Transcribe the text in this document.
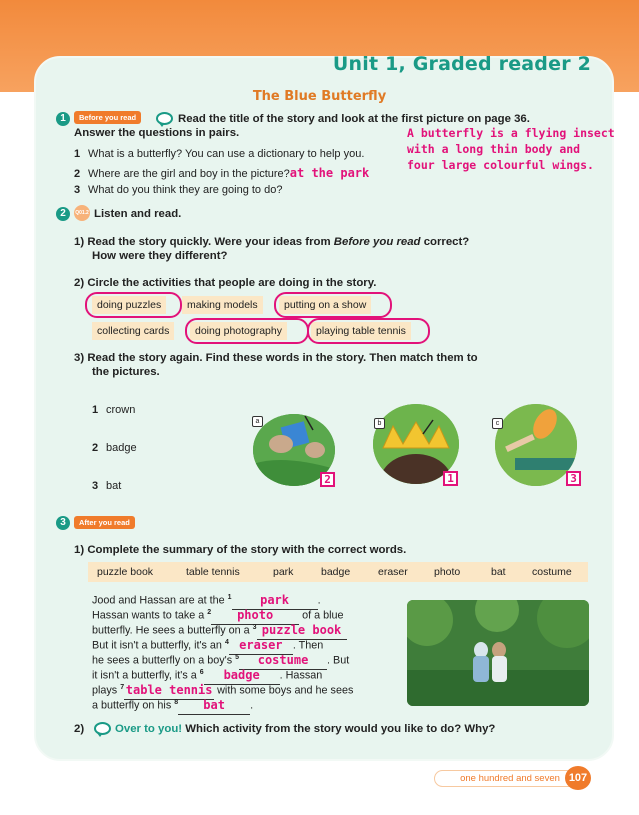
Unit 1, Graded reader 2
The Blue Butterfly
1	Before you read	Read the title of the story and look at the first picture on page 36.
Answer the questions in pairs.	A butterfly is a flying insect
with a long thin body and
four large colourful wings.
1 What is a butterfly? You can use a dictionary to help you.
2 Where are the girl and boy in the picture?at the park
3 What do you think they are going to do?
2	Q01.2 Listen and read.
1) Read the story quickly. Were your ideas from Before you read correct?
How were they different?
2) Circle the activities that people are doing in the story.
doing puzzles	making models	putting on a show
collecting cards	doing photography	playing table tennis
3) Read the story again. Find these words in the story. Then match them to
the pictures.
1 crown
2 badge
3 bat
a
2
b
1
c
3
3	After you read
1) Complete the summary of the story with the correct words.
puzzle book	table tennis	park	badge	eraser photo	bat	costume
Jood and Hassan are at the $^1$ park	.
Hassan wants to take a $^2$ photo	of a blue
butterfly. He sees a butterfly on a $^3$ puzzle book
But it isn't a butterfly, it's an $^4$ eraser . Then
he sees a butterfly on a boy's $^5$ costume . But
it isn't a butterfly, it's a $^6$ badge . Hassan
plays $^7$ table tennis with some boys and he sees
a butterfly on his $^8$ bat .
2)	Over to you! Which activity from the story would you like to do? Why?
one hundred and seven 107
